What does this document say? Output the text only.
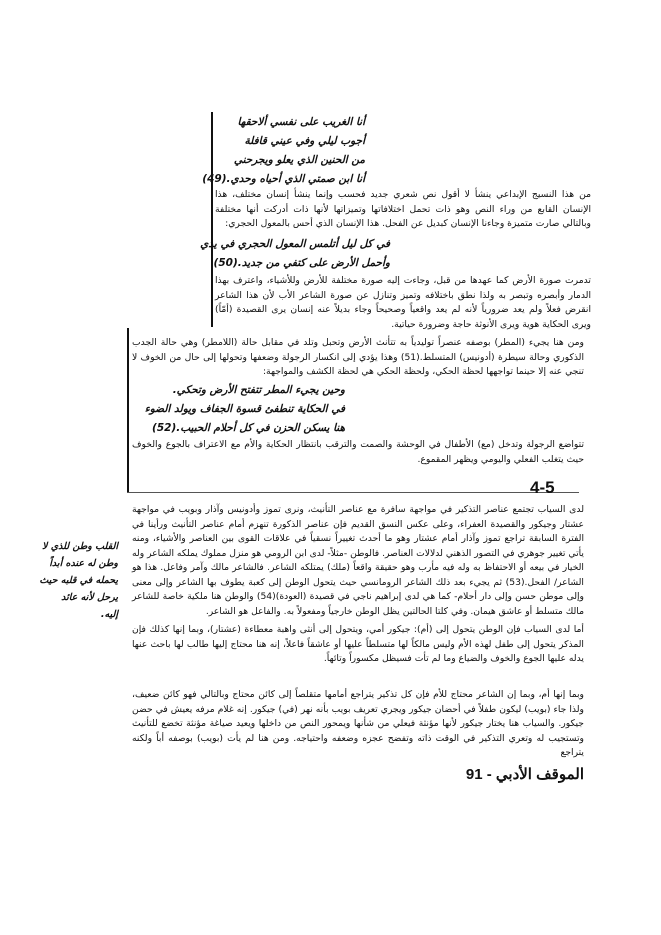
أنا الغريب على نفسي ألاحقها
أجوب ليلي وفي عيني قافلة
من الحنين الذي يعلو ويجرحني
أنا ابن صمتي الذي أحياه وحدي.(49)
من هذا النسيج الإبداعي ينشأ لا أقول نص شعري جديد فحسب وإنما ينشأ إنسان مختلف، هذا الإنسان القابع من وراء النص وهو ذات تحمل اختلافاتها وتميزاتها لأنها ذات أدركت أنها مختلفة وبالتالي صارت متميزة وجاءنا الإنسان كبديل عن الفحل. هذا الإنسان الذي أحس بالمعول الحجري:
في كل ليل أتلمس المعول الحجري في يدي
وأحمل الأرض على كتفي من جديد.(50)
تدمرت صورة الأرض كما عهدها من قبل، وجاءت إليه صورة مختلفة للأرض وللأشياء، واعترف بهذا الدمار وأبصره وتبصر به ولذا نطق باختلافه وتميز وتنازل عن صورة الشاعر الأب لأن هذا الشاعر انقرض فعلاً ولم يعد ضرورياً لأنه لم يعد واقعياً وصحيحاً وجاء بديلاً عنه إنسان يرى القصيدة (أمّاً) ويرى الحكاية هوية ويرى الأنوثة حاجة وضرورة حياتية.
ومن هنا يجيء (المطر) بوصفه عنصراً توليدياً به تتأنث الأرض وتحبل وتلد في مقابل حالة (اللامطر) وهي حالة الجدب الذكوري وحالة سيطرة (أدونيس) المتسلط.(51) وهذا يؤدي إلى انكسار الرجولة وضعفها وتحولها إلى حال من الخوف لا تنجي عنه إلا حينما تواجهها لحظة الحكي، ولحظة الحكي هي لحظة الكشف والمواجهة:
وحين يجيء المطر تتفتح الأرض وتحكي.
في الحكاية تنطفئ قسوة الجفاف ويولد الضوء
هنا يسكن الحزن في كل أحلام الحبيب.(52)
تتواضع الرجولة وتدخل (مع) الأطفال في الوحشة والصمت والترقب بانتظار الحكاية والأم مع الاعتراف بالجوع والخوف حيث يتغلب الفعلي واليومي ويظهر المقموع.
4-5
لدى السياب تجتمع عناصر التذكير في مواجهة سافرة مع عناصر التأنيث، ونرى تموز وأدونيس وآذار وبويب في مواجهة عشتار وجيكور والقصيدة العفراء، وعلى عكس النسق القديم فإن عناصر الذكورة تنهزم أمام عناصر التأنيث ورأينا في الفترة السابقة تراجع تموز وآذار أمام عشتار وهو ما أحدث تغييراً نسقياً في علاقات القوى بين العناصر والأشياء، ومنه يأتي تغيير جوهري في التصور الذهني لدلالات العناصر. فالوطن -مثلاً- لدى ابن الرومي هو منزل مملوك يملكه الشاعر وله الخيار في بيعه أو الاحتفاظ به وله فيه مأرب وهو حقيقة واقعاً (ملك) يمتلكه الشاعر. فالشاعر مالك وآمر وفاعل. هذا هو الشاعر/ الفحل.(53) ثم يجيء بعد ذلك الشاعر الرومانسي حيث يتحول الوطن إلى كعبة يطوف بها الشاعر وإلى معنى وإلى موطن حسن وإلى دار أحلام- كما هي لدى إبراهيم ناجي في قصيدة (العودة)(54) والوطن هنا ملكية خاصة للشاعر مالك متسلط أو عاشق هيمان. وفي كلتا الحالتين يظل الوطن خارجياً ومفعولاً به. والفاعل هو الشاعر.
أما لدى السياب فإن الوطن يتحول إلى (أم): جيكور أمي، ويتحول إلى أنثى واهبة معطاءة (عشتار)، وبما إنها كذلك فإن المذكر يتحول إلى طفل لهذه الأم وليس مالكاً لها متسلطاً عليها أو عاشقاً فاعلاً، إنه هنا محتاج إليها طالب لها باحث عنها يدله عليها الجوع والخوف والضياع وما لم تأت فسيظل مكسوراً وتائهاً.
وبما إنها أم، وبما إن الشاعر محتاج للأم فإن كل تذكير يتراجع أمامها متقلصاً إلى كائن محتاج وبالتالي فهو كائن ضعيف، ولذا جاء (بويب) ليكون طفلاً في أحضان جيكور ويجري تعريف بويب بأنه نهر (في) جيكور. إنه غلام مرفه يعيش في حضن جيكور. والسياب هنا يختار جيكور لأنها مؤنثة فيعلي من شأنها ويمحور النص من داخلها ويعيد صياغة مؤنثة تخضع للتأنيث وتستجيب له وتعري التذكير في الوقت ذاته وتفضح عجزه وضعفه واحتياجه. ومن هنا لم يأت (بويب) بوصفه أباً ولكنه يتراجع
القلب وطن للذي لا
وطن له عنده أبداً
يحمله في قلبه حيث
يرحل لأنه عائد
إليه.
الموقف الأدبي - 91
